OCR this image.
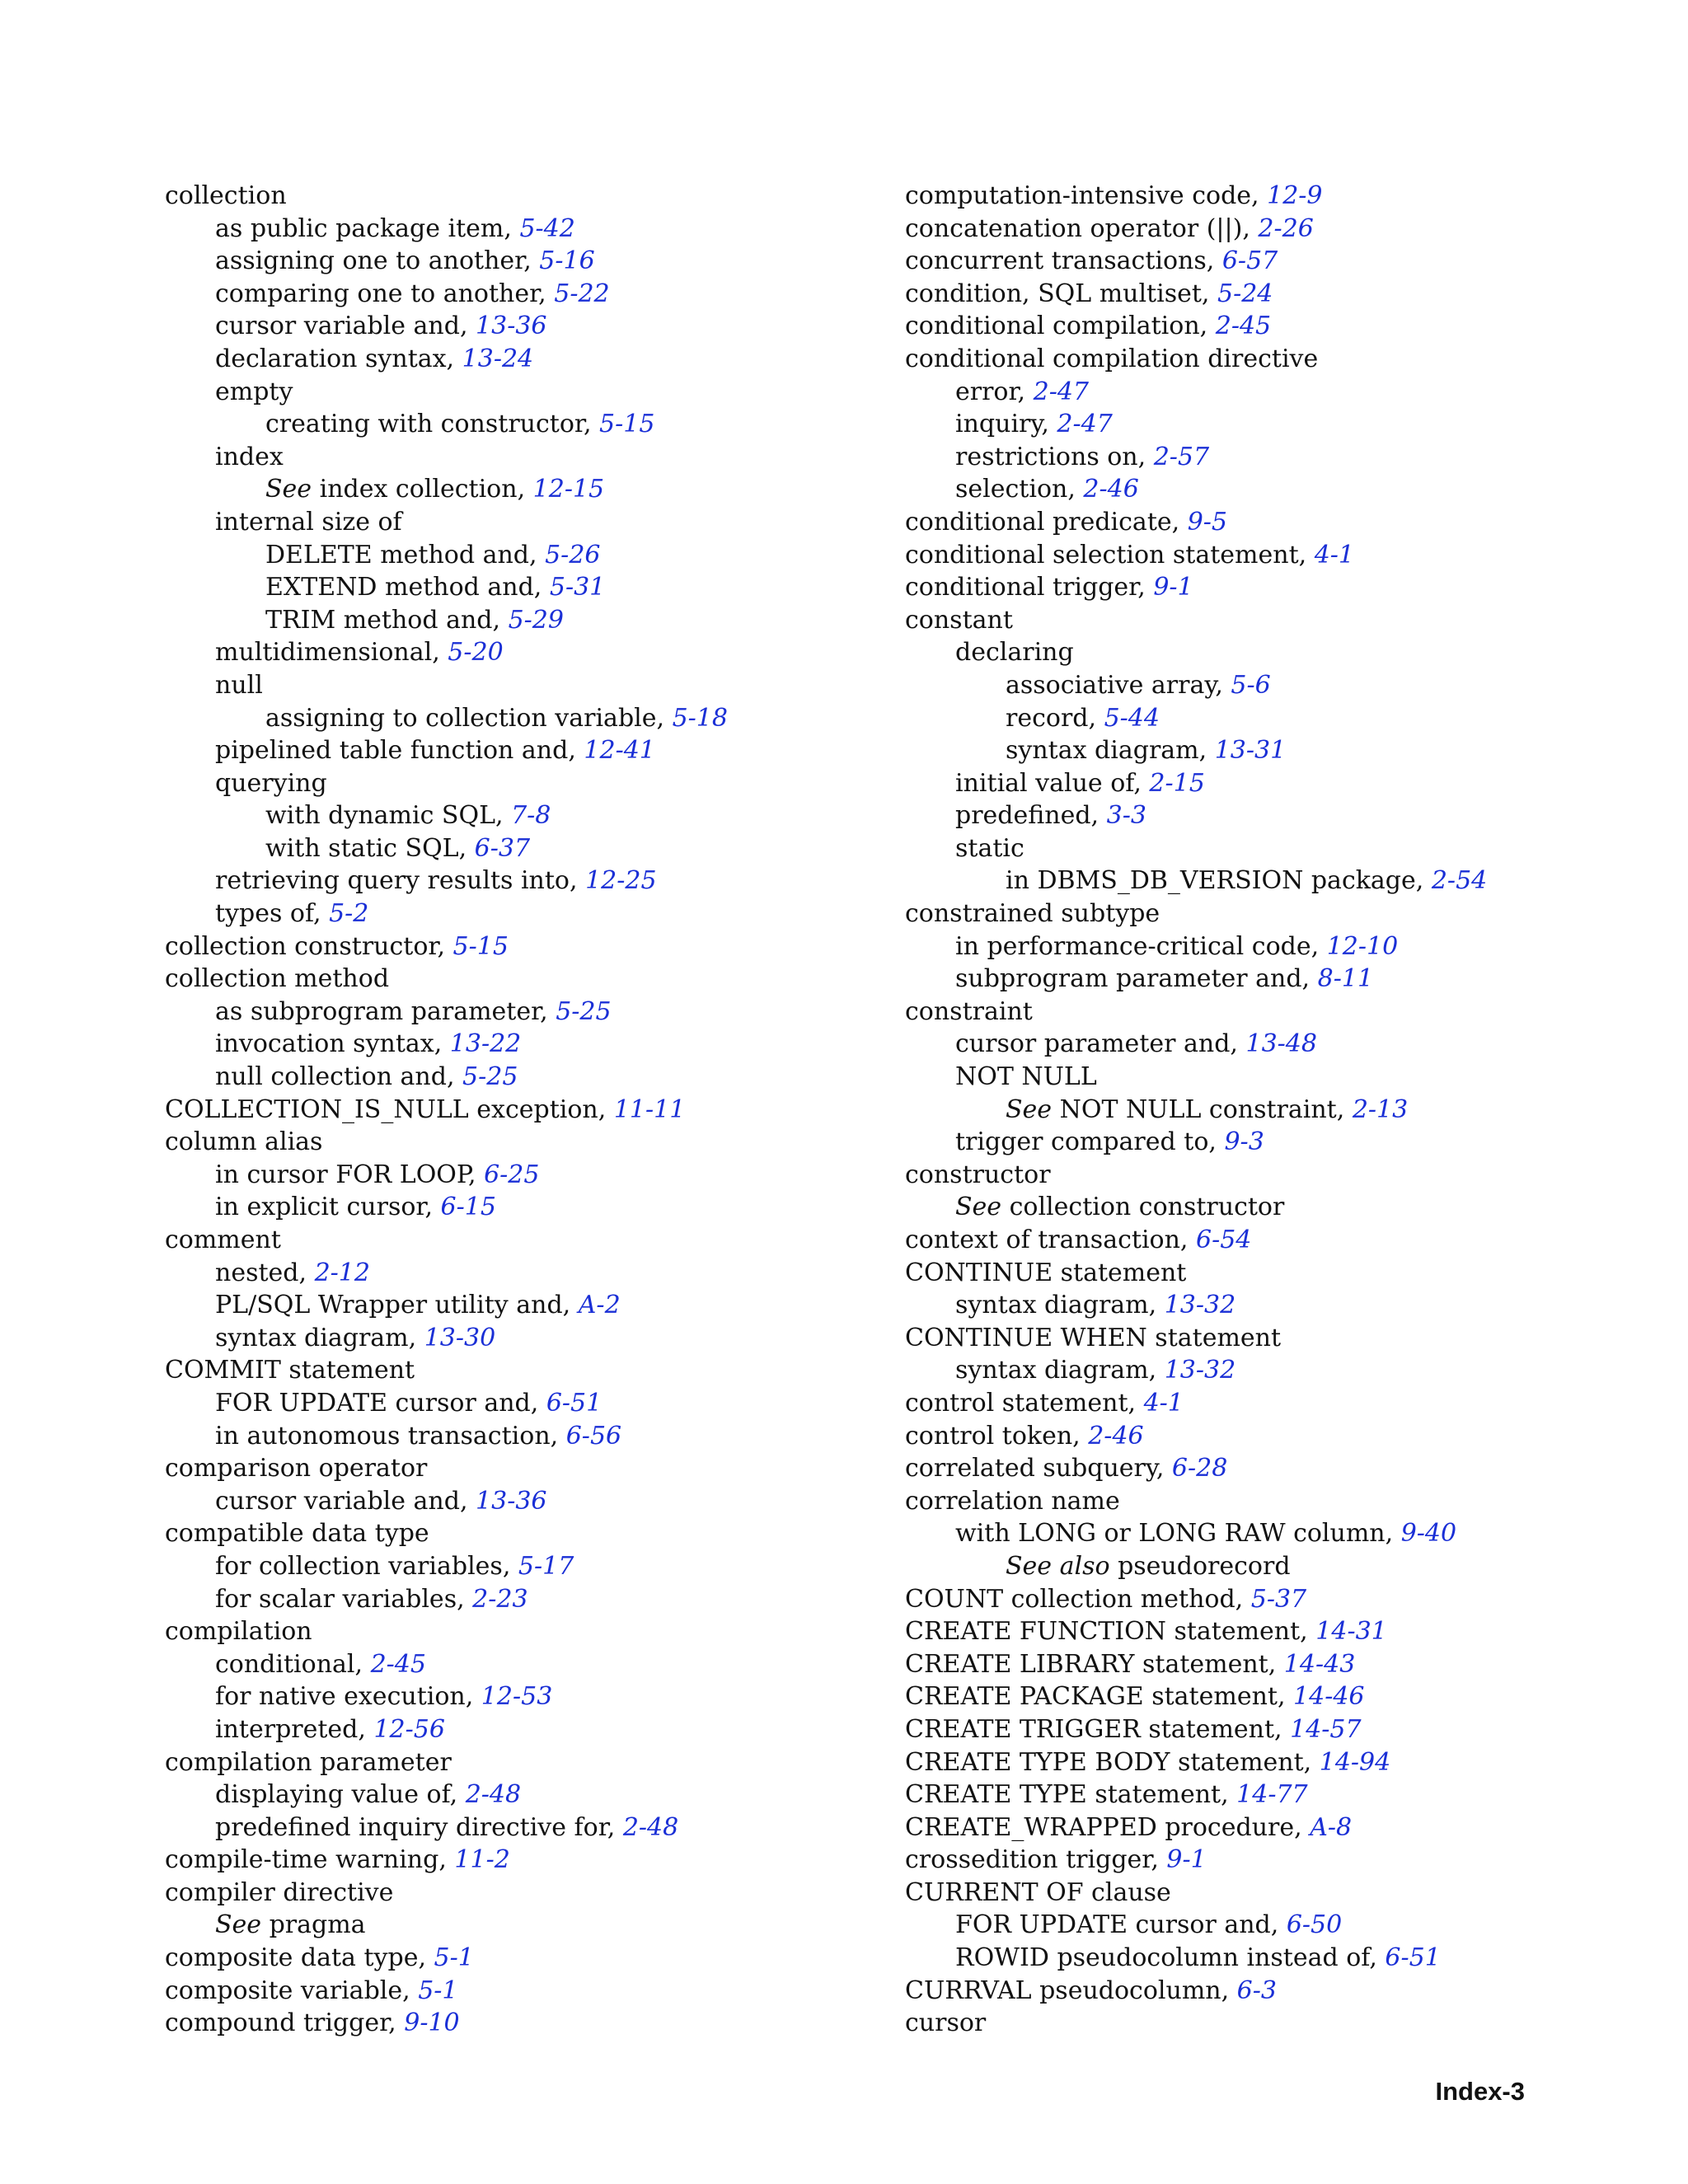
collection
as public package item, 5-42
assigning one to another, 5-16
comparing one to another, 5-22
cursor variable and, 13-36
declaration syntax, 13-24
empty
creating with constructor, 5-15
index
See index collection, 12-15
internal size of
DELETE method and, 5-26
EXTEND method and, 5-31
TRIM method and, 5-29
multidimensional, 5-20
null
assigning to collection variable, 5-18
pipelined table function and, 12-41
querying
with dynamic SQL, 7-8
with static SQL, 6-37
retrieving query results into, 12-25
types of, 5-2
collection constructor, 5-15
collection method
as subprogram parameter, 5-25
invocation syntax, 13-22
null collection and, 5-25
COLLECTION_IS_NULL exception, 11-11
column alias
in cursor FOR LOOP, 6-25
in explicit cursor, 6-15
comment
nested, 2-12
PL/SQL Wrapper utility and, A-2
syntax diagram, 13-30
COMMIT statement
FOR UPDATE cursor and, 6-51
in autonomous transaction, 6-56
comparison operator
cursor variable and, 13-36
compatible data type
for collection variables, 5-17
for scalar variables, 2-23
compilation
conditional, 2-45
for native execution, 12-53
interpreted, 12-56
compilation parameter
displaying value of, 2-48
predefined inquiry directive for, 2-48
compile-time warning, 11-2
compiler directive
See pragma
composite data type, 5-1
composite variable, 5-1
compound trigger, 9-10
computation-intensive code, 12-9
concatenation operator (||), 2-26
concurrent transactions, 6-57
condition, SQL multiset, 5-24
conditional compilation, 2-45
conditional compilation directive
error, 2-47
inquiry, 2-47
restrictions on, 2-57
selection, 2-46
conditional predicate, 9-5
conditional selection statement, 4-1
conditional trigger, 9-1
constant
declaring
associative array, 5-6
record, 5-44
syntax diagram, 13-31
initial value of, 2-15
predefined, 3-3
static
in DBMS_DB_VERSION package, 2-54
constrained subtype
in performance-critical code, 12-10
subprogram parameter and, 8-11
constraint
cursor parameter and, 13-48
NOT NULL
See NOT NULL constraint, 2-13
trigger compared to, 9-3
constructor
See collection constructor
context of transaction, 6-54
CONTINUE statement
syntax diagram, 13-32
CONTINUE WHEN statement
syntax diagram, 13-32
control statement, 4-1
control token, 2-46
correlated subquery, 6-28
correlation name
with LONG or LONG RAW column, 9-40
See also pseudorecord
COUNT collection method, 5-37
CREATE FUNCTION statement, 14-31
CREATE LIBRARY statement, 14-43
CREATE PACKAGE statement, 14-46
CREATE TRIGGER statement, 14-57
CREATE TYPE BODY statement, 14-94
CREATE TYPE statement, 14-77
CREATE_WRAPPED procedure, A-8
crossedition trigger, 9-1
CURRENT OF clause
FOR UPDATE cursor and, 6-50
ROWID pseudocolumn instead of, 6-51
CURRVAL pseudocolumn, 6-3
cursor
Index-3
